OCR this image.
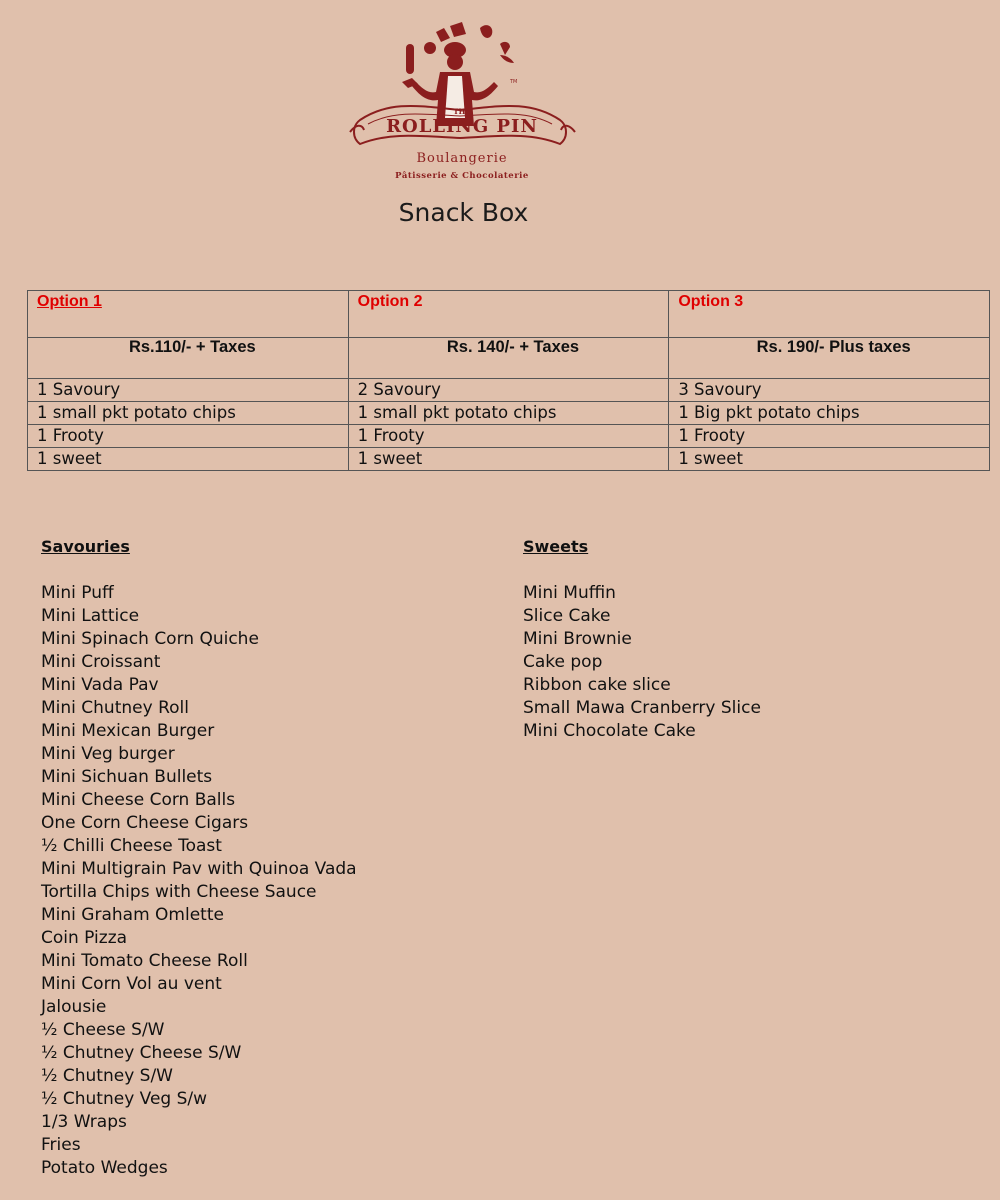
TM
THE
ROLLING PIN
Boulangerie
Pâtisserie & Chocolaterie
Snack Box
Option 1	Option 2	Option 3
Rs.110/- + Taxes	Rs. 140/- + Taxes	Rs. 190/- Plus taxes
1 Savoury	2 Savoury	3 Savoury
1 small pkt potato chips	1 small pkt potato chips	1 Big pkt potato chips
1 Frooty	1 Frooty	1 Frooty
1 sweet	1 sweet	1 sweet
Savouries
Mini Puff
Mini Lattice
Mini Spinach Corn Quiche
Mini Croissant
Mini Vada Pav
Mini Chutney Roll
Mini Mexican Burger
Mini Veg burger
Mini Sichuan Bullets
Mini Cheese Corn Balls
One Corn Cheese Cigars
½ Chilli Cheese Toast
Mini Multigrain Pav with Quinoa Vada
Tortilla Chips with Cheese Sauce
Mini Graham Omlette
Coin Pizza
Mini Tomato Cheese Roll
Mini Corn Vol au vent
Jalousie
½ Cheese S/W
½ Chutney Cheese S/W
½ Chutney S/W
½ Chutney Veg S/w
1/3 Wraps
Fries
Potato Wedges
Sweets
Mini Muffin
Slice Cake
Mini Brownie
Cake pop
Ribbon cake slice
Small Mawa Cranberry Slice
Mini Chocolate Cake
